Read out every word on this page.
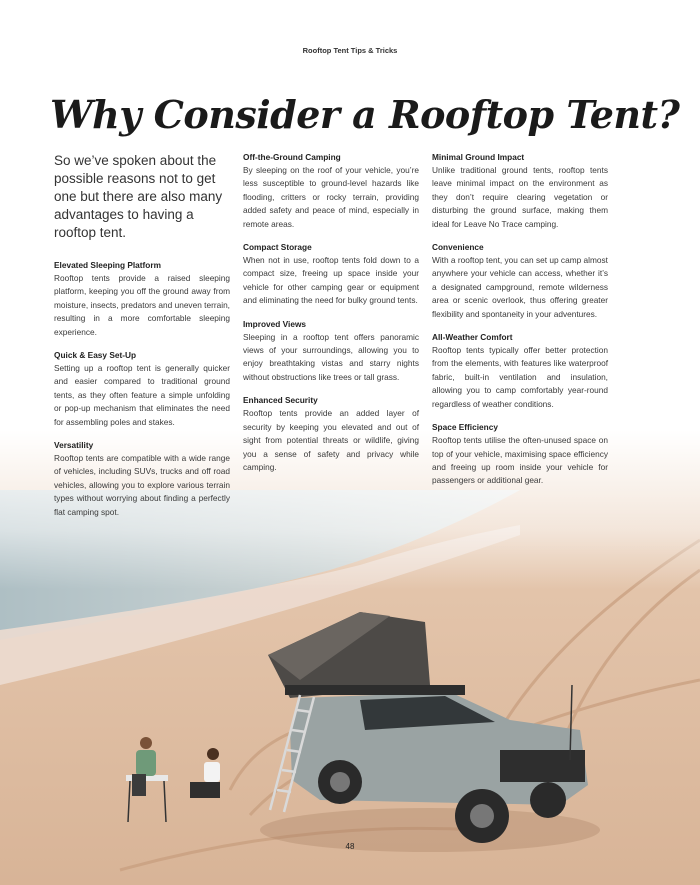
Rooftop Tent Tips & Tricks
Why Consider a Rooftop Tent?

So we’ve spoken about the possible reasons not to get one but there are also many advantages to having a rooftop tent.

Elevated Sleeping Platform

Rooftop tents provide a raised sleeping platform, keeping you off the ground away from moisture, insects, predators and uneven terrain, resulting in a more comfortable sleeping experience.

Quick & Easy Set-Up

Setting up a rooftop tent is generally quicker and easier compared to traditional ground tents, as they often feature a simple unfolding or pop-up mechanism that eliminates the need for assembling poles and stakes.

Versatility

Rooftop tents are compatible with a wide range of vehicles, including SUVs, trucks and off road vehicles, allowing you to explore various terrain types without worrying about finding a perfectly flat camping spot.

Off-the-Ground Camping

By sleeping on the roof of your vehicle, you’re less susceptible to ground-level hazards like flooding, critters or rocky terrain, providing added safety and peace of mind, especially in remote areas.

Compact Storage

When not in use, rooftop tents fold down to a compact size, freeing up space inside your vehicle for other camping gear or equipment and eliminating the need for bulky ground tents.

Improved Views

Sleeping in a rooftop tent offers panoramic views of your surroundings, allowing you to enjoy breathtaking vistas and starry nights without obstructions like trees or tall grass.

Enhanced Security

Rooftop tents provide an added layer of security by keeping you elevated and out of sight from potential threats or wildlife, giving you a sense of safety and privacy while camping.

Minimal Ground Impact

Unlike traditional ground tents, rooftop tents leave minimal impact on the environment as they don’t require clearing vegetation or disturbing the ground surface, making them ideal for Leave No Trace camping.

Convenience

With a rooftop tent, you can set up camp almost anywhere your vehicle can access, whether it’s a designated campground, remote wilderness area or scenic overlook, thus offering greater flexibility and spontaneity in your adventures.

All-Weather Comfort

Rooftop tents typically offer better protection from the elements, with features like waterproof fabric, built-in ventilation and insulation, allowing you to camp comfortably year-round regardless of weather conditions.

Space Efficiency

Rooftop tents utilise the often-unused space on top of your vehicle, maximising space efficiency and freeing up room inside your vehicle for passengers or additional gear.

48
